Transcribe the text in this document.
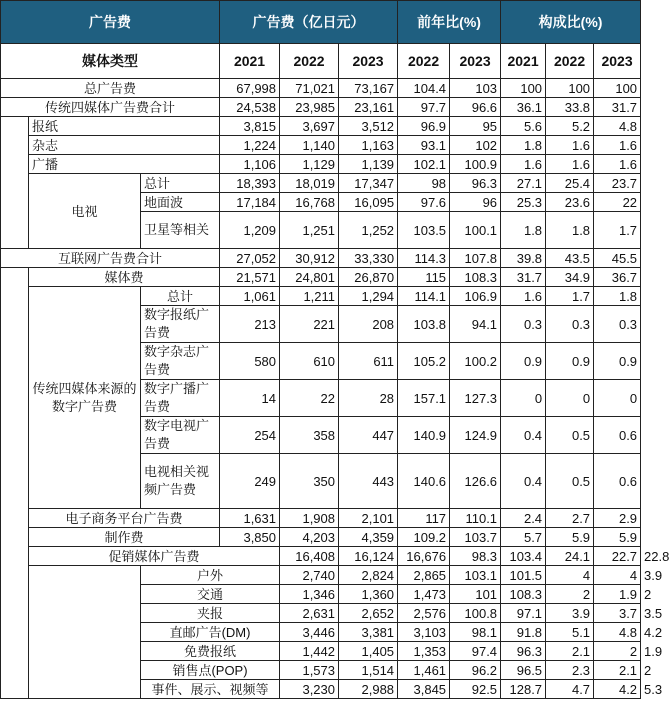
广告费			广告费（亿日元）			前年比(%)		构成比(%)			
媒体类型			2021	2022	2023	2022	2023	2021	2022	2023	
总广告费			67,998	71,021	73,167	104.4	103	100	100	100	
传统四媒体广告费合计			24,538	23,985	23,161	97.7	96.6	36.1	33.8	31.7	
	报纸		3,815	3,697	3,512	96.9	95	5.6	5.2	4.8	
	杂志		1,224	1,140	1,163	93.1	102	1.8	1.6	1.6	
	广播		1,106	1,129	1,139	102.1	100.9	1.6	1.6	1.6	
	电视	总计	18,393	18,019	17,347	98	96.3	27.1	25.4	23.7	
		地面波	17,184	16,768	16,095	97.6	96	25.3	23.6	22	
		卫星等相关	1,209	1,251	1,252	103.5	100.1	1.8	1.8	1.7	

互联网广告费合计			27,052	30,912	33,330	114.3	107.8	39.8	43.5	45.5	
	媒体费		21,571	24,801	26,870	115	108.3	31.7	34.9	36.7	
	传统四媒体来源的数字广告费	总计	1,061	1,211	1,294	114.1	106.9	1.6	1.7	1.8	
		数字报纸广告费	213	221	208	103.8	94.1	0.3	0.3	0.3	
		数字杂志广告费	580	610	611	105.2	100.2	0.9	0.9	0.9	
		数字广播广告费	14	22	28	157.1	127.3	0	0	0	
		数字电视广告费	254	358	447	140.9	124.9	0.4	0.5	0.6	
		电视相关视频广告费	249	350	443	140.6	126.6	0.4	0.5	0.6	
	电子商务平台广告费		1,631	1,908	2,101	117	110.1	2.4	2.7	2.9	
	制作费		3,850	4,203	4,359	109.2	103.7	5.7	5.9	5.9	
	促销媒体广告费			16,408	16,124	16,676	98.3	103.4	24.1	22.7	22.8
		户外		2,740	2,824	2,865	103.1	101.5	4	4	3.9
		交通		1,346	1,360	1,473	101	108.3	2	1.9	2
		夹报		2,631	2,652	2,576	100.8	97.1	3.9	3.7	3.5
		直邮广告(DM)		3,446	3,381	3,103	98.1	91.8	5.1	4.8	4.2
		免费报纸		1,442	1,405	1,353	97.4	96.3	2.1	2	1.9
		销售点(POP)		1,573	1,514	1,461	96.2	96.5	2.3	2.1	2
		事件、展示、视频等		3,230	2,988	3,845	92.5	128.7	4.7	4.2	5.3
